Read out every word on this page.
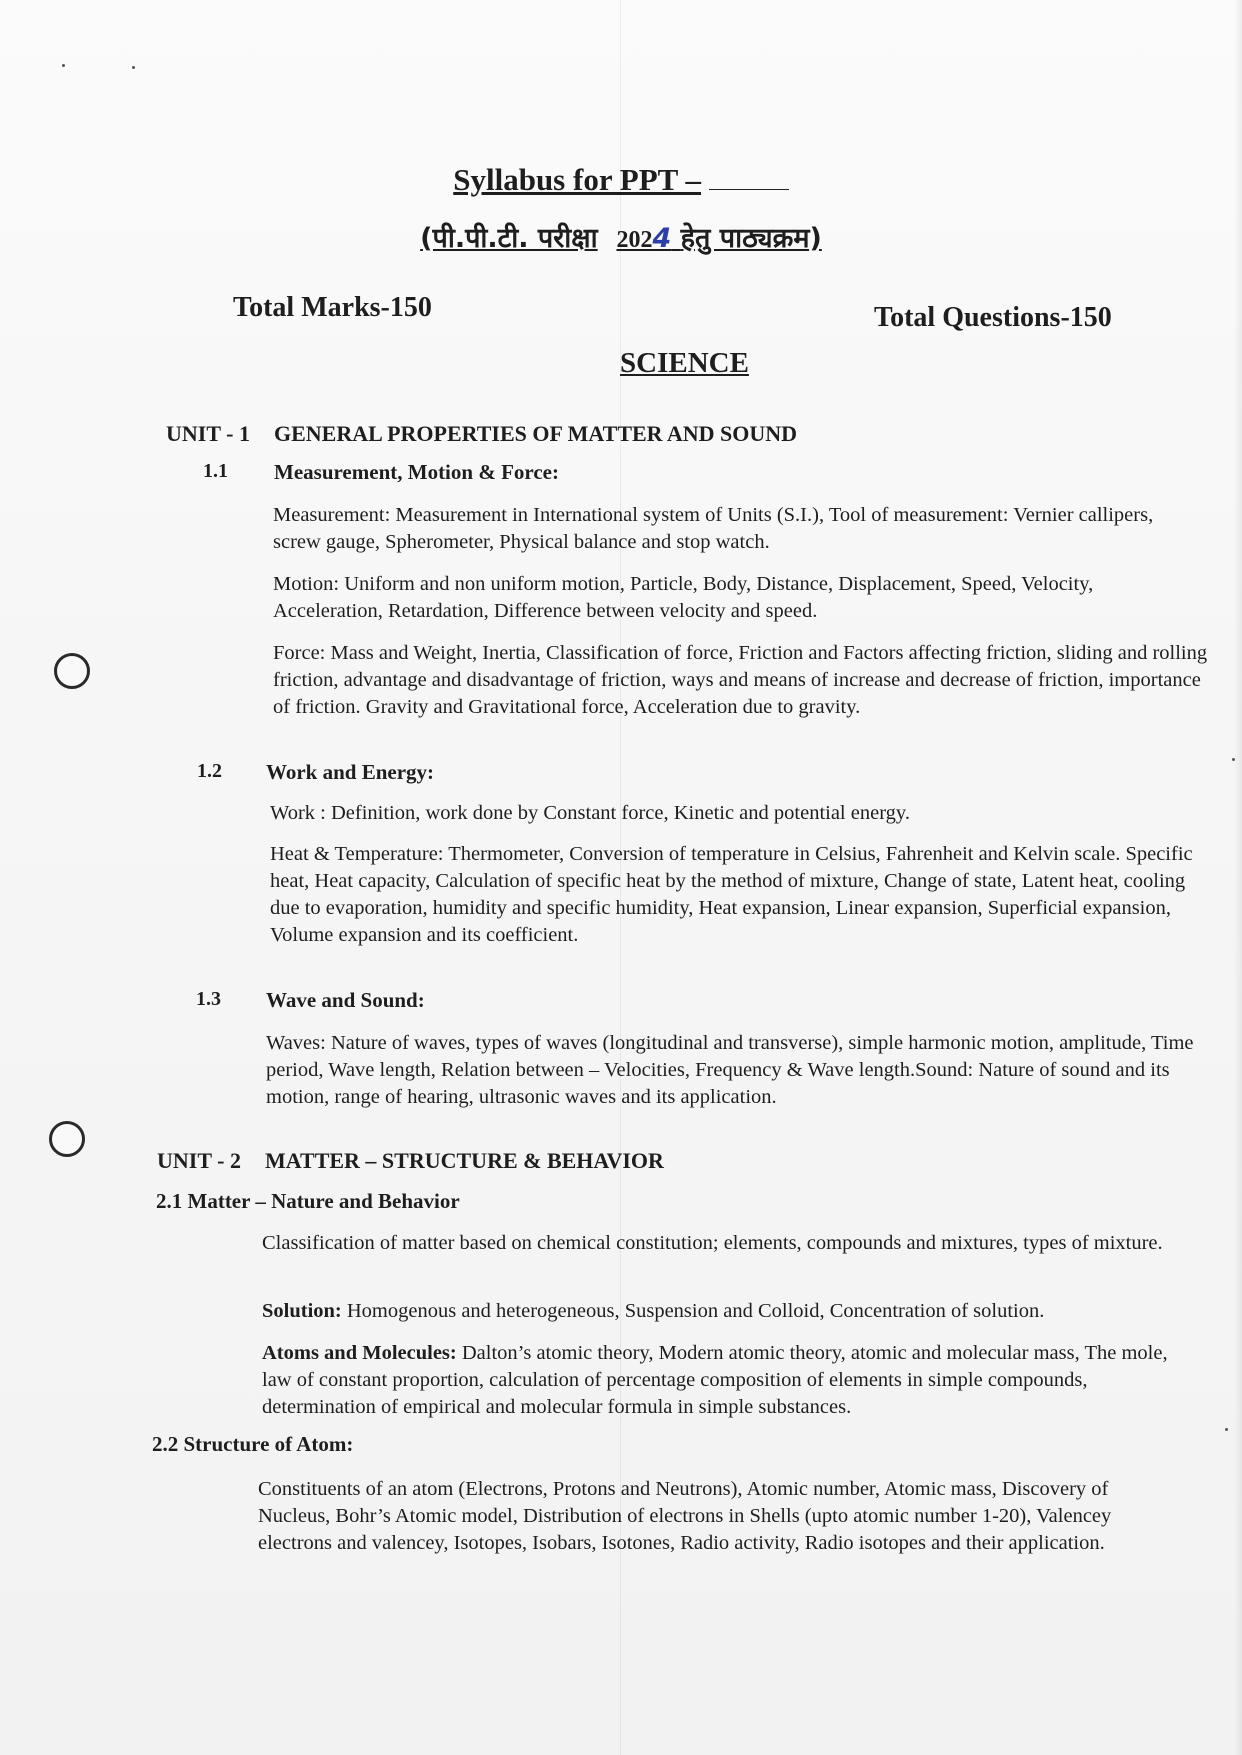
Syllabus for PPT –
(पी.पी.टी. परीक्षा 2024 हेतु पाठ्यक्रम)
Total Marks-150	Total Questions-150
SCIENCE
UNIT - 1 GENERAL PROPERTIES OF MATTER AND SOUND
1.1 Measurement, Motion & Force:
Measurement: Measurement in International system of Units (S.I.), Tool of measurement: Vernier callipers, screw gauge, Spherometer, Physical balance and stop watch.
Motion: Uniform and non uniform motion, Particle, Body, Distance, Displacement, Speed, Velocity, Acceleration, Retardation, Difference between velocity and speed.
Force: Mass and Weight, Inertia, Classification of force, Friction and Factors affecting friction, sliding and rolling friction, advantage and disadvantage of friction, ways and means of increase and decrease of friction, importance of friction. Gravity and Gravitational force, Acceleration due to gravity.
1.2 Work and Energy:
Work : Definition, work done by Constant force, Kinetic and potential energy.
Heat & Temperature: Thermometer, Conversion of temperature in Celsius, Fahrenheit and Kelvin scale. Specific heat, Heat capacity, Calculation of specific heat by the method of mixture, Change of state, Latent heat, cooling due to evaporation, humidity and specific humidity, Heat expansion, Linear expansion, Superficial expansion, Volume expansion and its coefficient.
1.3 Wave and Sound:
Waves: Nature of waves, types of waves (longitudinal and transverse), simple harmonic motion, amplitude, Time period, Wave length, Relation between – Velocities, Frequency & Wave length.Sound: Nature of sound and its motion, range of hearing, ultrasonic waves and its application.
UNIT - 2 MATTER – STRUCTURE & BEHAVIOR
2.1 Matter – Nature and Behavior
Classification of matter based on chemical constitution; elements, compounds and mixtures, types of mixture.
Solution: Homogenous and heterogeneous, Suspension and Colloid, Concentration of solution.
Atoms and Molecules: Dalton’s atomic theory, Modern atomic theory, atomic and molecular mass, The mole, law of constant proportion, calculation of percentage composition of elements in simple compounds, determination of empirical and molecular formula in simple substances.
2.2 Structure of Atom:
Constituents of an atom (Electrons, Protons and Neutrons), Atomic number, Atomic mass, Discovery of Nucleus, Bohr’s Atomic model, Distribution of electrons in Shells (upto atomic number 1-20), Valencey electrons and valencey, Isotopes, Isobars, Isotones, Radio activity, Radio isotopes and their application.
